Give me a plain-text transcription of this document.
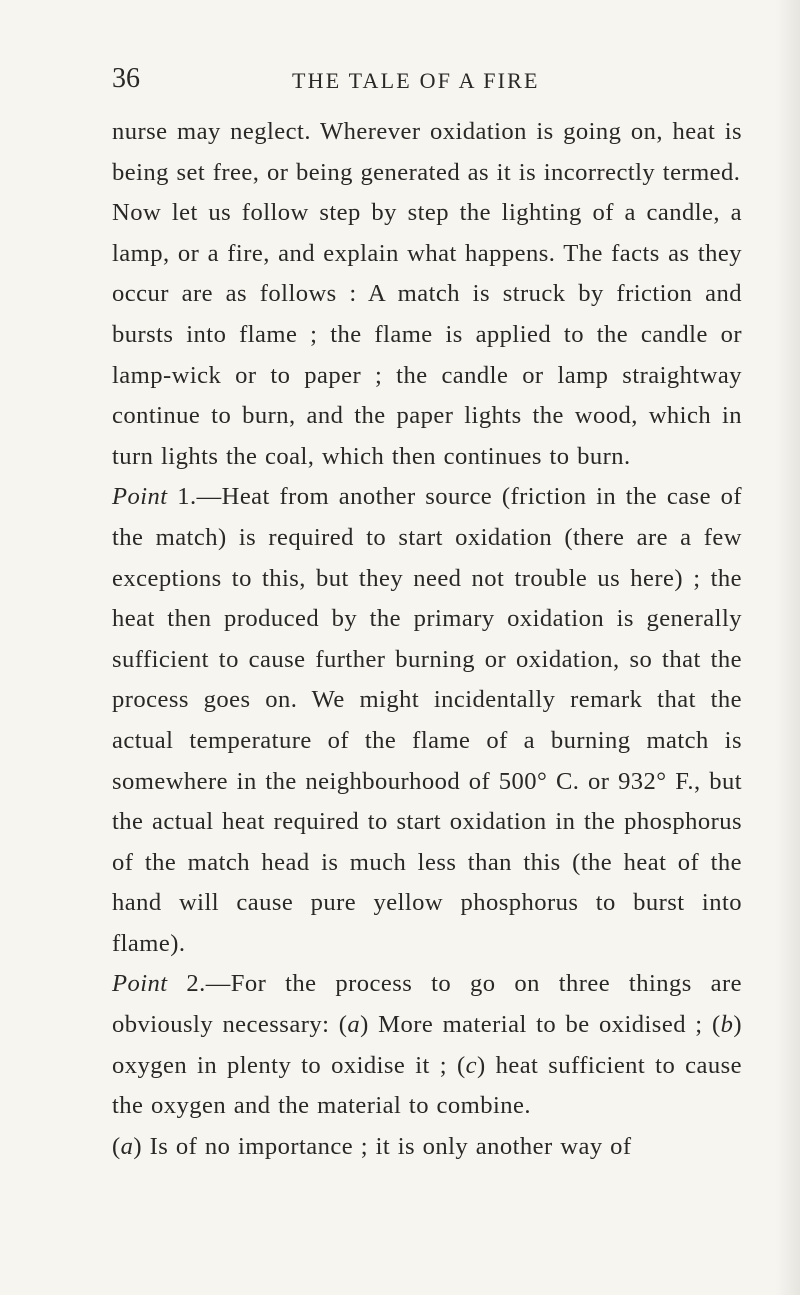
36	THE TALE OF A FIRE

nurse may neglect. Wherever oxidation is going on, heat is being set free, or being generated as it is incorrectly termed.

Now let us follow step by step the lighting of a candle, a lamp, or a fire, and explain what happens. The facts as they occur are as follows : A match is struck by friction and bursts into flame ; the flame is applied to the candle or lamp-wick or to paper ; the candle or lamp straightway continue to burn, and the paper lights the wood, which in turn lights the coal, which then continues to burn.

Point 1.—Heat from another source (friction in the case of the match) is required to start oxidation (there are a few exceptions to this, but they need not trouble us here) ; the heat then produced by the primary oxidation is generally sufficient to cause further burning or oxidation, so that the process goes on. We might incidentally remark that the actual temperature of the flame of a burning match is somewhere in the neighbourhood of 500° C. or 932° F., but the actual heat required to start oxidation in the phosphorus of the match head is much less than this (the heat of the hand will cause pure yellow phosphorus to burst into flame).

Point 2.—For the process to go on three things are obviously necessary: (a) More material to be oxidised ; (b) oxygen in plenty to oxidise it ; (c) heat sufficient to cause the oxygen and the material to combine.

(a) Is of no importance ; it is only another way of
